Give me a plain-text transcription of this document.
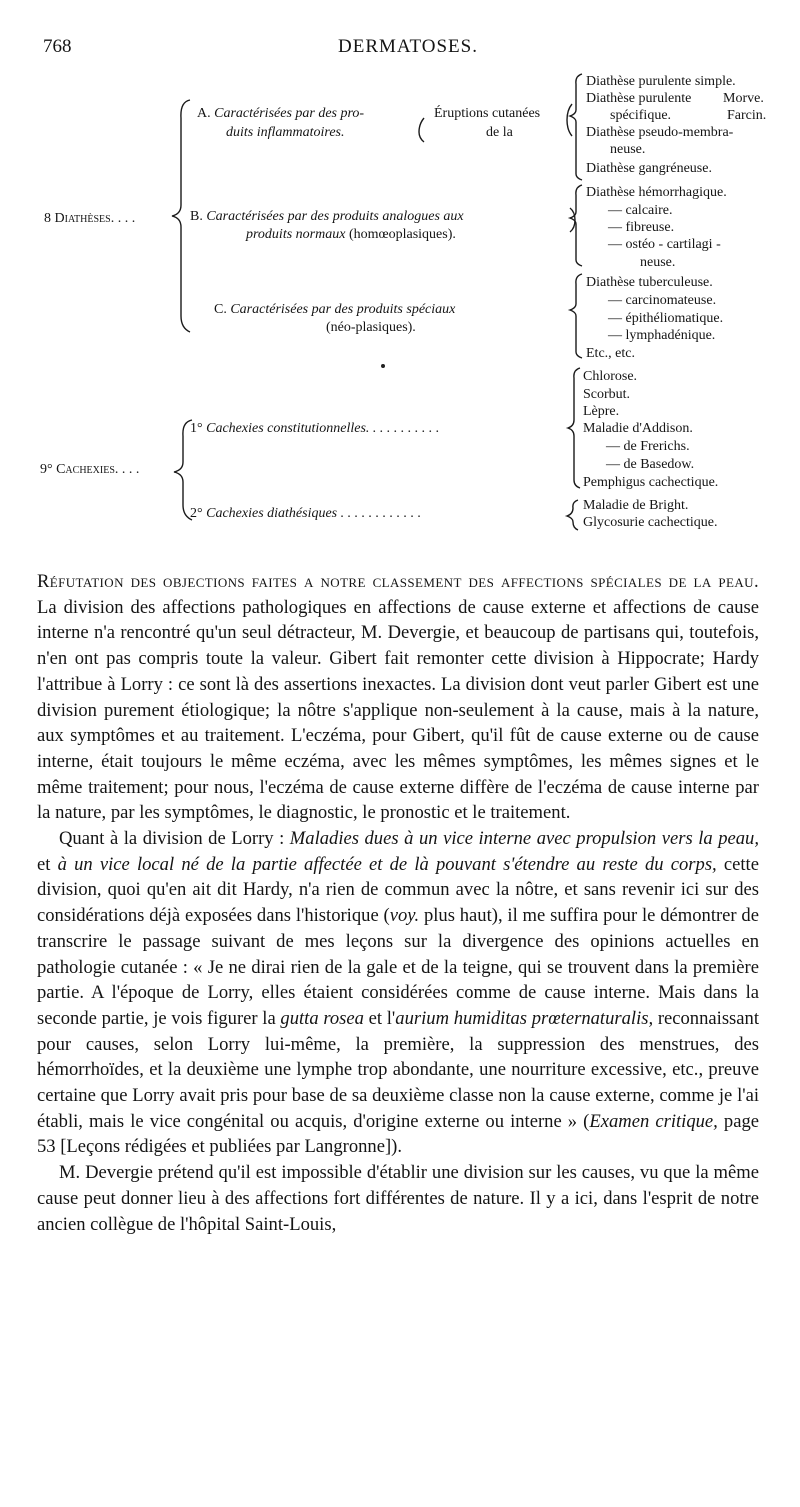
768	DERMATOSES.
8 Diathèses. . . .
9° Cachexies. . . .
A. Caractérisées par des pro-	Éruptions cutanées
duits inflammatoires.	de la
Diathèse purulente simple.
Diathèse purulente
spécifique.
Diathèse pseudo-membra-
neuse.
Diathèse gangréneuse.
Morve.
Farcin.
B. Caractérisées par des produits analogues aux
produits normaux (homœoplasiques).
Diathèse hémorrhagique.
— calcaire.
— fibreuse.
— ostéo - cartilagi -
neuse.
C. Caractérisées par des produits spéciaux
(néo-plasiques).
Diathèse tuberculeuse.
— carcinomateuse.
— épithéliomatique.
— lymphadénique.
Etc., etc.
1° Cachexies constitutionnelles. . . . . . . . . . .
2° Cachexies diathésiques . . . . . . . . . . . .
Chlorose.
Scorbut.
Lèpre.
Maladie d'Addison.
— de Frerichs.
— de Basedow.
Pemphigus cachectique.
Maladie de Bright.
Glycosurie cachectique.

Réfutation des objections faites a notre classement des affections spéciales de la peau. La division des affections pathologiques en affections de cause externe et affections de cause interne n'a rencontré qu'un seul détracteur, M. Devergie, et beaucoup de partisans qui, toutefois, n'en ont pas compris toute la valeur. Gibert fait remonter cette division à Hippocrate; Hardy l'attribue à Lorry : ce sont là des assertions inexactes. La division dont veut parler Gibert est une division purement étiologique; la nôtre s'applique non-seulement à la cause, mais à la nature, aux symptômes et au traitement. L'eczéma, pour Gibert, qu'il fût de cause externe ou de cause interne, était toujours le même eczéma, avec les mêmes symptômes, les mêmes signes et le même traitement; pour nous, l'eczéma de cause externe diffère de l'eczéma de cause interne par la nature, par les symptômes, le diagnostic, le pronostic et le traitement.

Quant à la division de Lorry : Maladies dues à un vice interne avec propulsion vers la peau, et à un vice local né de la partie affectée et de là pouvant s'étendre au reste du corps, cette division, quoi qu'en ait dit Hardy, n'a rien de commun avec la nôtre, et sans revenir ici sur des considérations déjà exposées dans l'historique (voy. plus haut), il me suffira pour le démontrer de transcrire le passage suivant de mes leçons sur la divergence des opinions actuelles en pathologie cutanée : « Je ne dirai rien de la gale et de la teigne, qui se trouvent dans la première partie. A l'époque de Lorry, elles étaient considérées comme de cause interne. Mais dans la seconde partie, je vois figurer la gutta rosea et l'aurium humiditas prœternaturalis, reconnaissant pour causes, selon Lorry lui-même, la première, la suppression des menstrues, des hémorrhoïdes, et la deuxième une lymphe trop abondante, une nourriture excessive, etc., preuve certaine que Lorry avait pris pour base de sa deuxième classe non la cause externe, comme je l'ai établi, mais le vice congénital ou acquis, d'origine externe ou interne » (Examen critique, page 53 [Leçons rédigées et publiées par Langronne]).

M. Devergie prétend qu'il est impossible d'établir une division sur les causes, vu que la même cause peut donner lieu à des affections fort différentes de nature. Il y a ici, dans l'esprit de notre ancien collègue de l'hôpital Saint-Louis,
